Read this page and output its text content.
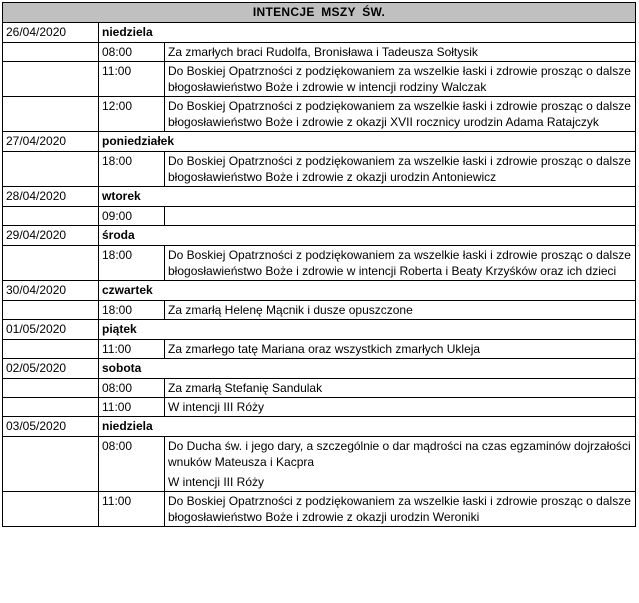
INTENCJE MSZY ŚW.		
26/04/2020	niedziela	
	08:00	Za zmarłych braci Rudolfa, Bronisława i Tadeusza Sołtysik

	11:00	Do Boskiej Opatrzności z podziękowaniem za wszelkie łaski i zdrowie prosząc o dalsze błogosławieństwo Boże i zdrowie w intencji rodziny Walczak

	12:00	Do Boskiej Opatrzności z podziękowaniem za wszelkie łaski i zdrowie prosząc o dalsze błogosławieństwo Boże i zdrowie z okazji XVII rocznicy urodzin Adama Ratajczyk

27/04/2020	poniedziałek	
	18:00	Do Boskiej Opatrzności z podziękowaniem za wszelkie łaski i zdrowie prosząc o dalsze błogosławieństwo Boże i zdrowie z okazji urodzin Antoniewicz

28/04/2020	wtorek	
	09:00	

29/04/2020	środa	
	18:00	Do Boskiej Opatrzności z podziękowaniem za wszelkie łaski i zdrowie prosząc o dalsze błogosławieństwo Boże i zdrowie w intencji Roberta i Beaty Krzyśków oraz ich dzieci

30/04/2020	czwartek	
	18:00	Za zmarłą Helenę Mącnik i dusze opuszczone

01/05/2020	piątek	
	11:00	Za zmarłego tatę Mariana oraz wszystkich zmarłych Ukleja

02/05/2020	sobota	
	08:00	Za zmarłą Stefanię Sandulak

	11:00	W intencji III Róży

03/05/2020	niedziela	
	08:00	Do Ducha św. i jego dary, a szczególnie o dar mądrości na czas egzaminów dojrzałości wnuków Mateusza i Kacpra
W intencji III Róży

	11:00	Do Boskiej Opatrzności z podziękowaniem za wszelkie łaski i zdrowie prosząc o dalsze błogosławieństwo Boże i zdrowie z okazji urodzin Weroniki
